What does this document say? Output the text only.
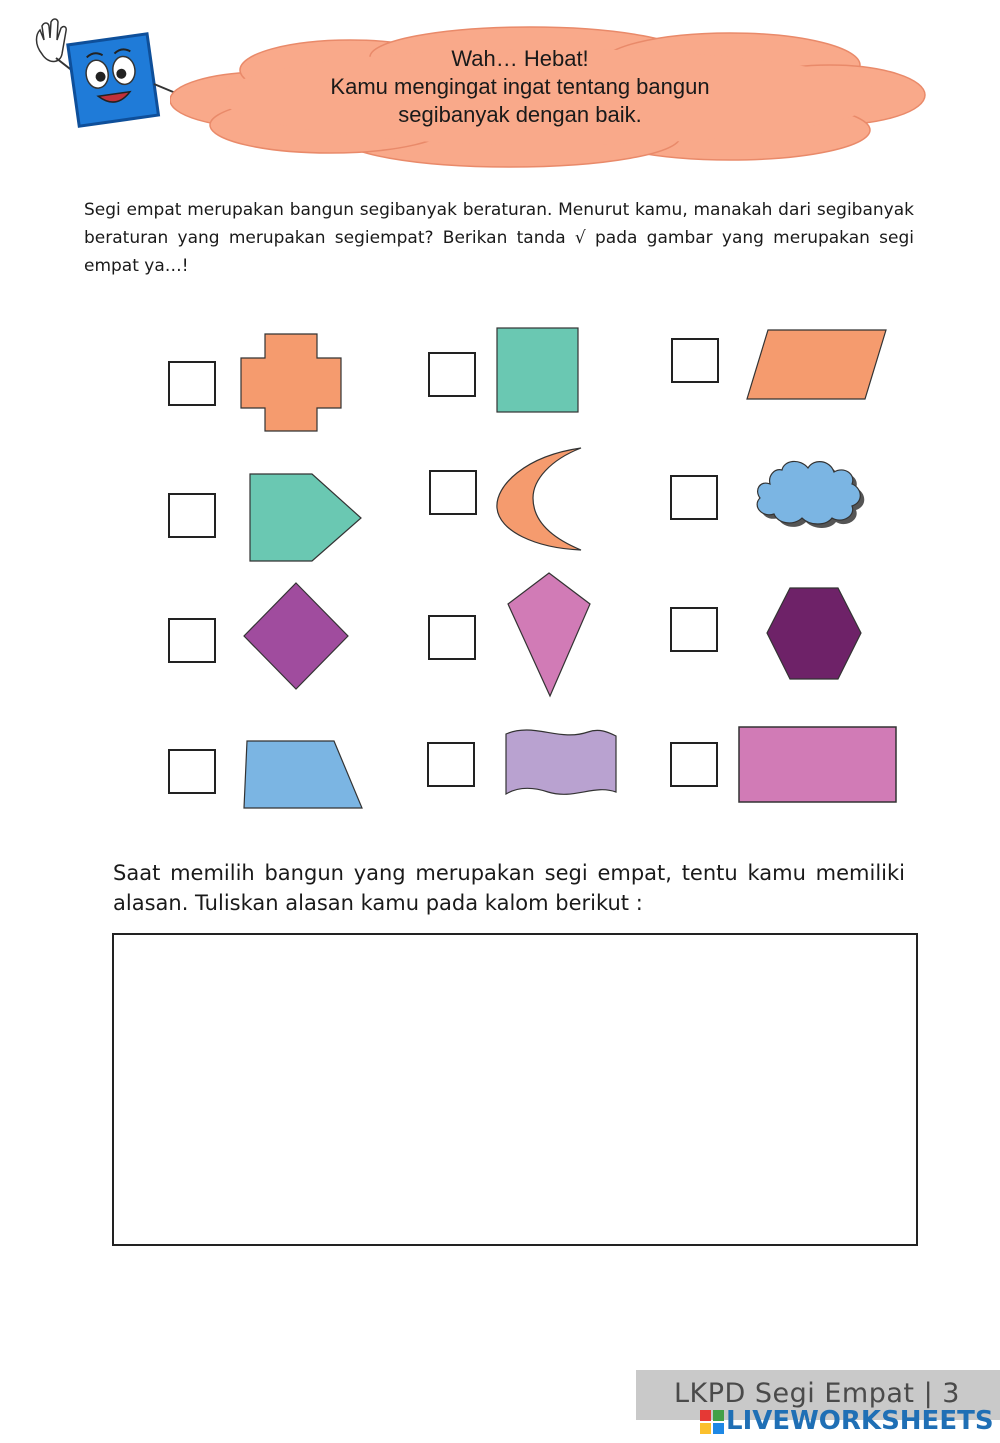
Wah… Hebat!
Kamu mengingat ingat tentang bangun
segibanyak dengan baik.
Segi empat merupakan bangun segibanyak beraturan. Menurut kamu, manakah dari segibanyak beraturan yang merupakan segiempat? Berikan tanda √ pada gambar yang merupakan segi empat ya…!
Saat memilih bangun yang merupakan segi empat, tentu kamu memiliki alasan. Tuliskan alasan kamu pada kalom berikut :
LKPD Segi Empat | 3
LIVEWORKSHEETS
